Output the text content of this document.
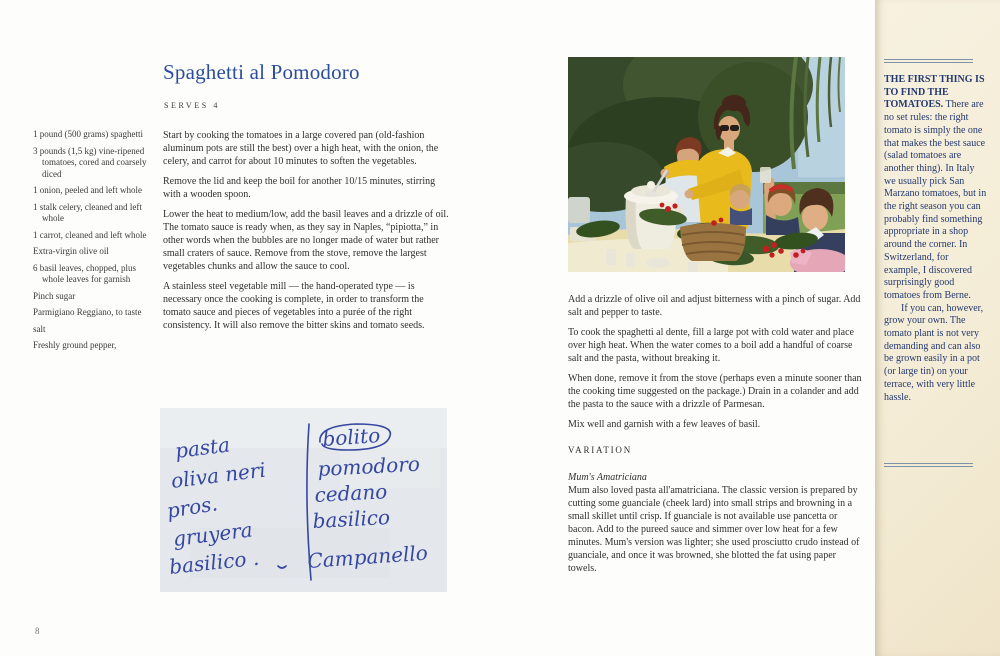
1 pound (500 grams) spaghetti
3 pounds (1,5 kg) vine-ripened tomatoes, cored and coarsely diced
1 onion, peeled and left whole
1 stalk celery, cleaned and left whole
1 carrot, cleaned and left whole
Extra-virgin olive oil
6 basil leaves, chopped, plus whole leaves for garnish
Pinch sugar
Parmigiano Reggiano, to taste
salt
Freshly ground pepper,
Spaghetti al Pomodoro
SERVES 4

Start by cooking the tomatoes in a large covered pan (old-fashion aluminum pots are still the best) over a high heat, with the onion, the celery, and carrot for about 10 minutes to soften the vegetables.

Remove the lid and keep the boil for another 10/15 minutes, stirring with a wooden spoon.

Lower the heat to medium/low, add the basil leaves and a drizzle of oil. The tomato sauce is ready when, as they say in Naples, “pipiotta,” in other words when the bubbles are no longer made of water but rather small craters of sauce. Remove from the stove, remove the largest vegetables chunks and allow the sauce to cool.

A stainless steel vegetable mill — the hand-operated type — is necessary once the cooking is complete, in order to transform the tomato sauce and pieces of vegetables into a purée of the right consistency. It will also remove the bitter skins and tomato seeds.

pasta
oliva neri
pros.
gruyera
basilico .
bolito
pomodoro
cedano
basilico
Campanello
8

Add a drizzle of olive oil and adjust bitterness with a pinch of sugar. Add salt and pepper to taste.

To cook the spaghetti al dente, fill a large pot with cold water and place over high heat. When the water comes to a boil add a handful of coarse salt and the pasta, without breaking it.

When done, remove it from the stove (perhaps even a minute sooner than the cooking time suggested on the package.) Drain in a colander and add the pasta to the sauce with a drizzle of Parmesan.

Mix well and garnish with a few leaves of basil.

VARIATION
Mum's Amatriciana
Mum also loved pasta all'amatriciana. The classic version is prepared by cutting some guanciale (cheek lard) into small strips and browning in a small skillet until crisp. If guanciale is not available use pancetta or bacon. Add to the pureed sauce and simmer over low heat for a few minutes. Mum's version was lighter; she used prosciutto crudo instead of guanciale, and once it was browned, she blotted the fat using paper towels.
THE FIRST THING IS TO FIND THE TOMATOES. There are no set rules: the right tomato is simply the one that makes the best sauce (salad tomatoes are another thing). In Italy we usually pick San Marzano tomatoes, but in the right season you can probably find something appropriate in a shop around the corner. In Switzerland, for example, I discovered surprisingly good tomatoes from Berne.
If you can, however, grow your own. The tomato plant is not very demanding and can also be grown easily in a pot (or large tin) on your terrace, with very little hassle.
